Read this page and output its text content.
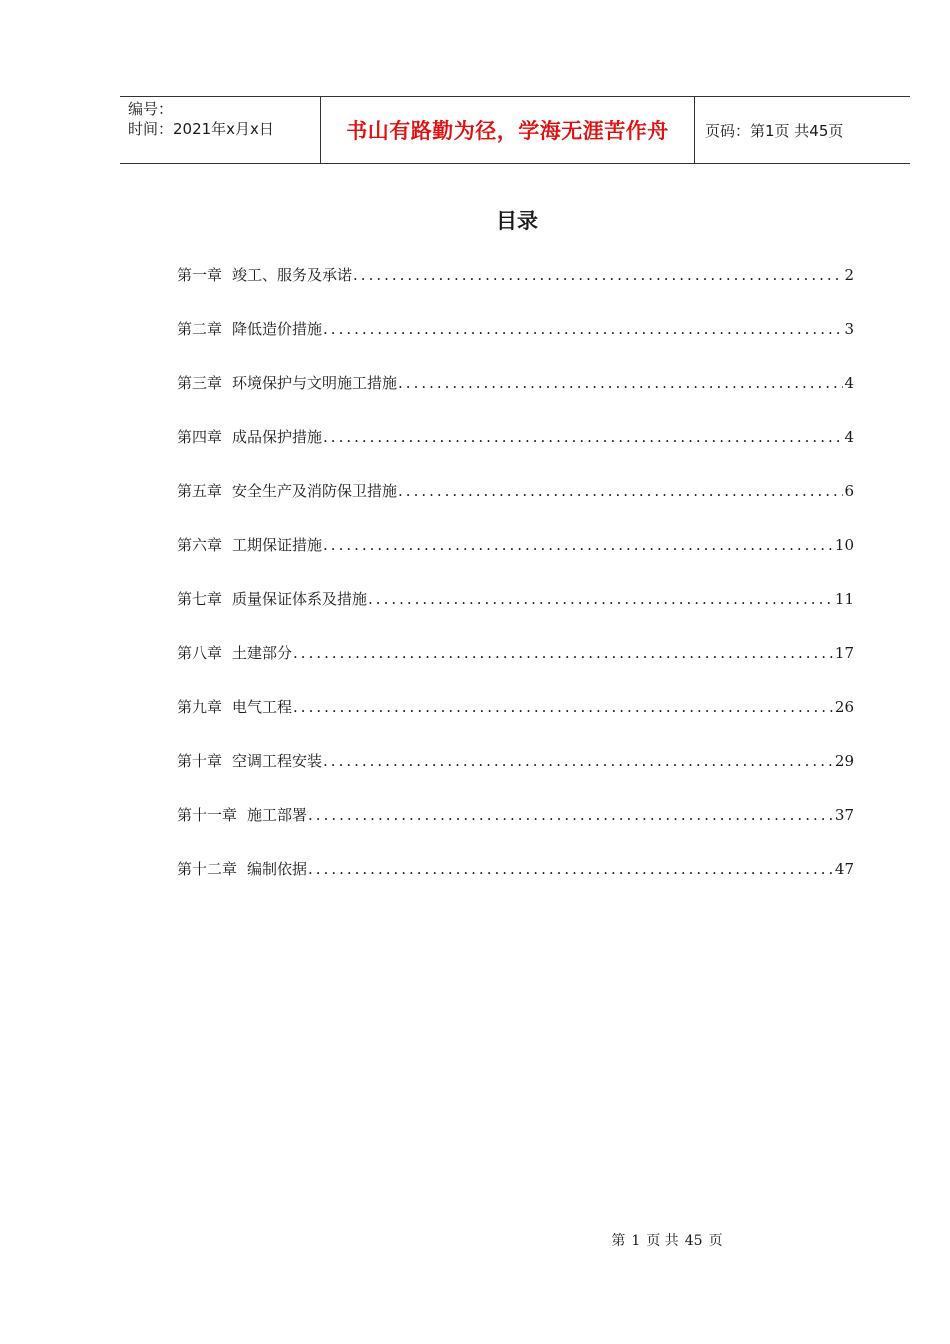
编号：
时间：2021年x月x日	书山有路勤为径，学海无涯苦作舟 页码：第1页 共45页
目录
第一章 竣工、服务及承诺 .....	2
第二章 降低造价措施 .....	3
第三章 环境保护与文明施工措施 .....	4
第四章 成品保护措施 .....	4
第五章 安全生产及消防保卫措施 .....	6
第六章 工期保证措施 .....	10
第七章 质量保证体系及措施 .....	11
第八章 土建部分 .....	17
第九章 电气工程 .....	26
第十章 空调工程安装 .....	29
第十一章 施工部署 .....	37
第十二章 编制依据 .....	47
第 1 页 共 45 页
